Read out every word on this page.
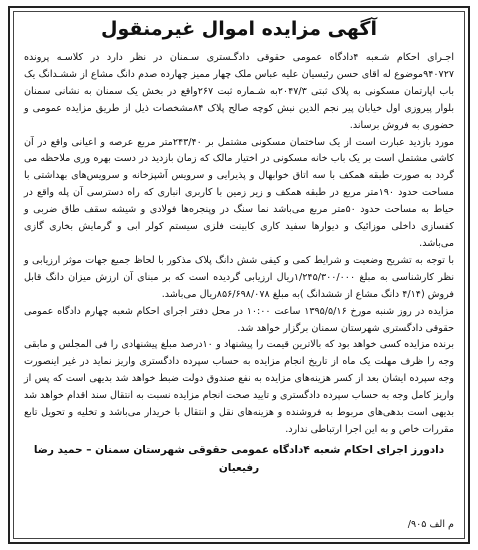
آگهی مزایده اموال غیرمنقول

اجـرای احکام شـعبه ۴دادگاه عمومی حقوقی دادگـستری سـمنان در نظر دارد در کلاسـه پرونده ۹۴۰۷۲۷موضوع له اقای حسن رئیسیان علیه عباس ملک چهار ممیز چهارده صدم دانگ مشاع از ششـدانگ یک باب اپارتمان مسکونی به پلاک ثبتی ۲۰۴۷/۳به شـماره ثبت ۲۶۷واقع در بخش یک سمنان به نشانی سمنان بلوار پیروزی اول خیابان پیر نجم الدین نبش کوچه صالح پلاک ۸۴مشخصات ذیل از طریق مزایده عمومی و حضوری به فروش برساند.

مورد بازدید عبارت است از یک ساختمان مسکونی مشتمل بر ۲۴۳/۴۰متر مربع عرصه و اعیانی واقع در آن کاشی مشتمل است بر یک باب خانه مسکونی در اختیار مالک که زمان بازدید در دست بهره وری ملاحظه می گردد به صورت طبقه همکف با سه اتاق خوابهال و پذیرایی و سرویس آشپزخانه و سرویس‌های بهداشتی با مساحت حدود ۱۹۰متر مربع در طبقه همکف و زیر زمین با کاربری انباری که راه دسترسی آن پله واقع در حیاط به مساحت حدود ۵۰متر مربع می‌باشد نما سنگ در وپنجره‌ها فولادی و شیشه سقف طاق ضربی و کفسازی داخلی موزائیک و دیوارها سفید کاری کابینت فلزی سیستم کولر ابی و گرمایش بخاری گازی می‌باشد.

با توجه به تشریح وضعیت و شرایط کمی و کیفی شش دانگ پلاک مذکور با لحاظ جمیع جهات موثر ارزیابی و نظر کارشناسی به مبلغ ۱/۲۴۵/۳۰۰/۰۰۰ریال ارزیابی گردیده است که بر مبنای آن ارزش میزان دانگ قابل فروش (۴/۱۴ دانگ مشاع از ششدانگ )به مبلغ ۸۵۶/۶۹۸/۰۷۸ریال می‌باشد.

مزایده در روز شنبه مورخ ۱۳۹۵/۵/۱۶ ساعت ۱۰:۰۰ در محل دفتر اجرای احکام شعبه چهارم دادگاه عمومی حقوقی دادگستری شهرستان سمنان برگزار خواهد شد.

برنده مزایده کسی خواهد بود که بالاترین قیمت را پیشنهاد و ۱۰درصد مبلغ پیشنهادی را فی المجلس و مابقی وجه را ظرف مهلت یک ماه از تاریخ انجام مزایده به حساب سپرده دادگستری واریز نماید در غیر اینصورت وجه سپرده ایشان بعد از کسر هزینه‌های مزایده به نفع صندوق دولت ضبط خواهد شد بدیهی است که پس از واریز کامل وجه به حساب سپرده دادگستری و تایید صحت انجام مزایده نسبت به انتقال سند اقدام خواهد شد بدیهی است بدهی‌های مربوط به فروشنده و هزینه‌های نقل و انتقال با خریدار می‌باشد و تخلیه و تحویل تابع مقررات خاص و به این اجرا ارتباطی ندارد.

دادورز اجرای احکام شعبه ۴دادگاه عمومی حقوقی شهرستان سمنان – حمید رضا رفیعیان
م الف ۹۰۵/
